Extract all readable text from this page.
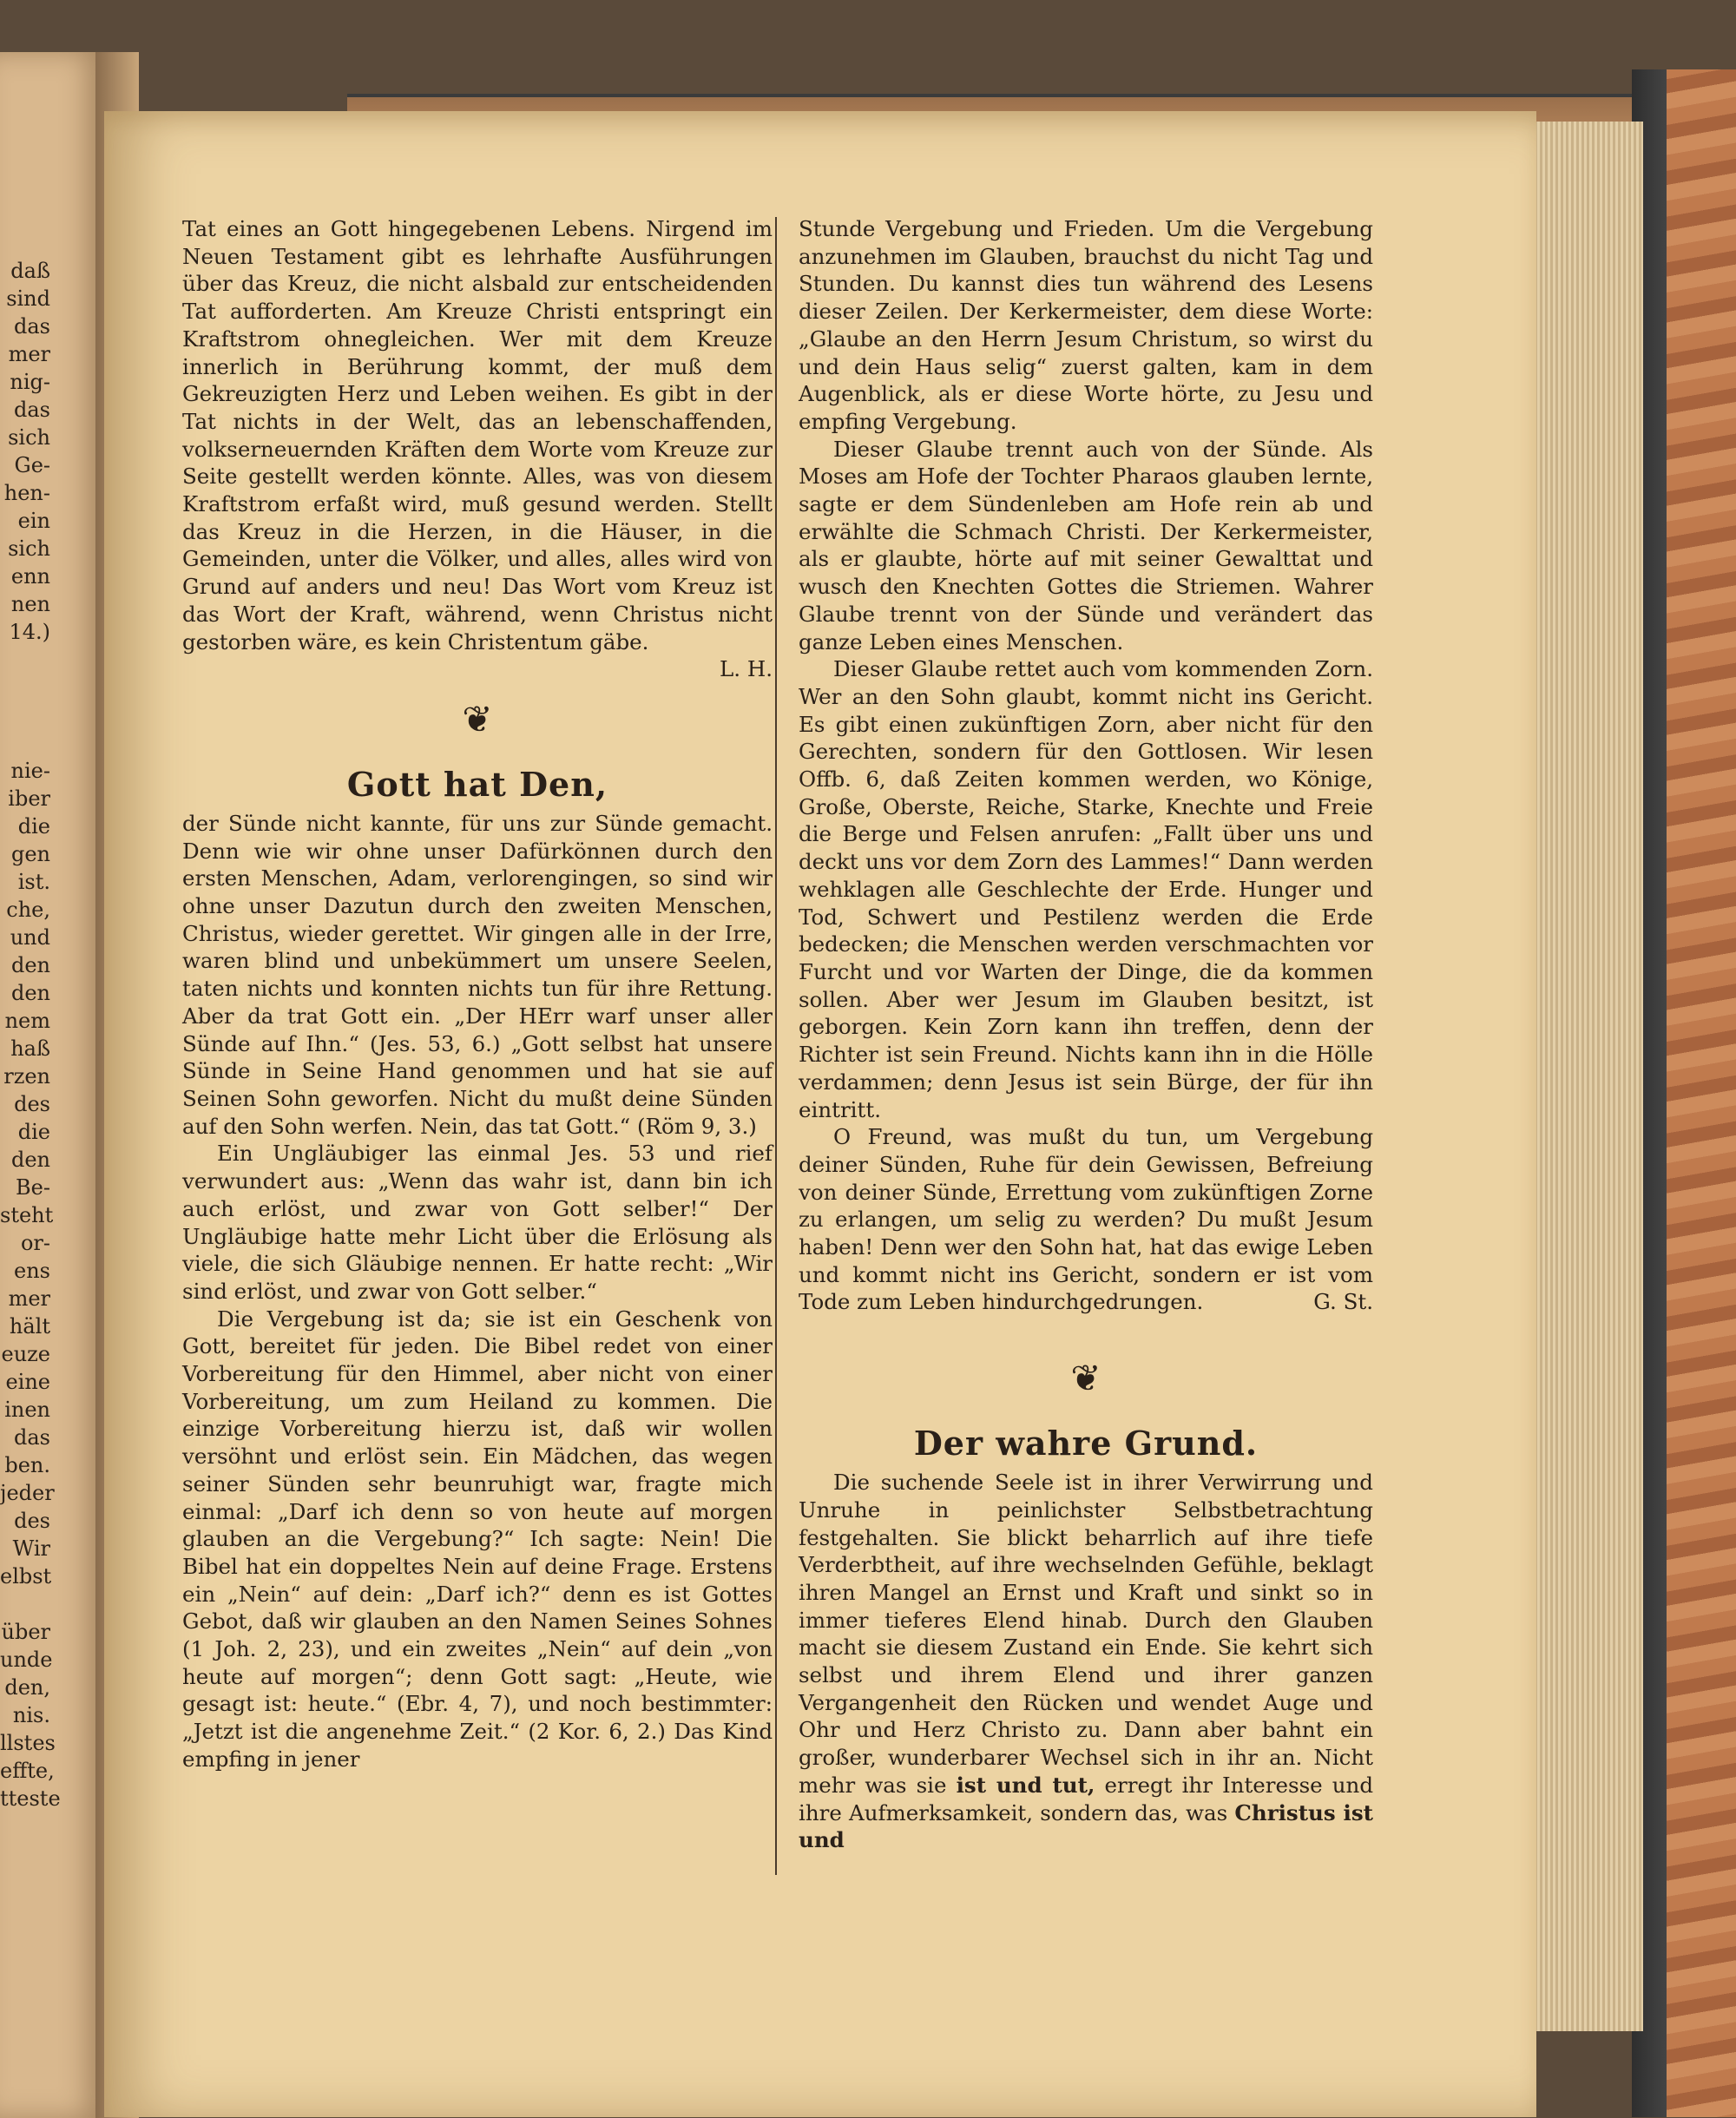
daß
sind
das
mer
nig-
das
sich
Ge-
hen-
ein
sich
enn
nen
14.)
nie-
iber
die
gen
ist.
che,
und
den
den
nem
haß
rzen
des
die
den
Be-
steht
or-
ens
mer
hält
euze
eine
inen
das
ben.
jeder
des
Wir
elbst
über
unde
den,
nis.
llstes
effte,
tteste

Tat eines an Gott hingegebenen Lebens. Nirgend im Neuen Testament gibt es lehrhafte Ausführungen über das Kreuz, die nicht alsbald zur entscheidenden Tat aufforderten. Am Kreuze Christi entspringt ein Kraftstrom ohnegleichen. Wer mit dem Kreuze innerlich in Berührung kommt, der muß dem Gekreuzigten Herz und Leben weihen. Es gibt in der Tat nichts in der Welt, das an lebenschaffenden, volkserneuernden Kräften dem Worte vom Kreuze zur Seite gestellt werden könnte. Alles, was von diesem Kraftstrom erfaßt wird, muß gesund werden. Stellt das Kreuz in die Herzen, in die Häuser, in die Gemeinden, unter die Völker, und alles, alles wird von Grund auf anders und neu! Das Wort vom Kreuz ist das Wort der Kraft, während, wenn Christus nicht gestorben wäre, es kein Christentum gäbe.

L. H.

❦
Gott hat Den,

der Sünde nicht kannte, für uns zur Sünde gemacht. Denn wie wir ohne unser Dafürkönnen durch den ersten Menschen, Adam, verlorengingen, so sind wir ohne unser Dazutun durch den zweiten Menschen, Christus, wieder gerettet. Wir gingen alle in der Irre, waren blind und unbekümmert um unsere Seelen, taten nichts und konnten nichts tun für ihre Rettung. Aber da trat Gott ein. „Der HErr warf unser aller Sünde auf Ihn.“ (Jes. 53, 6.) „Gott selbst hat unsere Sünde in Seine Hand genommen und hat sie auf Seinen Sohn geworfen. Nicht du mußt deine Sünden auf den Sohn werfen. Nein, das tat Gott.“ (Röm 9, 3.)

Ein Ungläubiger las einmal Jes. 53 und rief verwundert aus: „Wenn das wahr ist, dann bin ich auch erlöst, und zwar von Gott selber!“ Der Ungläubige hatte mehr Licht über die Erlösung als viele, die sich Gläubige nennen. Er hatte recht: „Wir sind erlöst, und zwar von Gott selber.“

Die Vergebung ist da; sie ist ein Geschenk von Gott, bereitet für jeden. Die Bibel redet von einer Vorbereitung für den Himmel, aber nicht von einer Vorbereitung, um zum Heiland zu kommen. Die einzige Vorbereitung hierzu ist, daß wir wollen versöhnt und erlöst sein. Ein Mädchen, das wegen seiner Sünden sehr beunruhigt war, fragte mich einmal: „Darf ich denn so von heute auf morgen glauben an die Vergebung?“ Ich sagte: Nein! Die Bibel hat ein doppeltes Nein auf deine Frage. Erstens ein „Nein“ auf dein: „Darf ich?“ denn es ist Gottes Gebot, daß wir glauben an den Namen Seines Sohnes (1 Joh. 2, 23), und ein zweites „Nein“ auf dein „von heute auf morgen“; denn Gott sagt: „Heute, wie gesagt ist: heute.“ (Ebr. 4, 7), und noch bestimmter: „Jetzt ist die angenehme Zeit.“ (2 Kor. 6, 2.) Das Kind empfing in jener

Stunde Vergebung und Frieden. Um die Vergebung anzunehmen im Glauben, brauchst du nicht Tag und Stunden. Du kannst dies tun während des Lesens dieser Zeilen. Der Kerkermeister, dem diese Worte: „Glaube an den Herrn Jesum Christum, so wirst du und dein Haus selig“ zuerst galten, kam in dem Augenblick, als er diese Worte hörte, zu Jesu und empfing Vergebung.

Dieser Glaube trennt auch von der Sünde. Als Moses am Hofe der Tochter Pharaos glauben lernte, sagte er dem Sündenleben am Hofe rein ab und erwählte die Schmach Christi. Der Kerkermeister, als er glaubte, hörte auf mit seiner Gewalttat und wusch den Knechten Gottes die Striemen. Wahrer Glaube trennt von der Sünde und verändert das ganze Leben eines Menschen.

Dieser Glaube rettet auch vom kommenden Zorn. Wer an den Sohn glaubt, kommt nicht ins Gericht. Es gibt einen zukünftigen Zorn, aber nicht für den Gerechten, sondern für den Gottlosen. Wir lesen Offb. 6, daß Zeiten kommen werden, wo Könige, Große, Oberste, Reiche, Starke, Knechte und Freie die Berge und Felsen anrufen: „Fallt über uns und deckt uns vor dem Zorn des Lammes!“ Dann werden wehklagen alle Geschlechte der Erde. Hunger und Tod, Schwert und Pestilenz werden die Erde bedecken; die Menschen werden verschmachten vor Furcht und vor Warten der Dinge, die da kommen sollen. Aber wer Jesum im Glauben besitzt, ist geborgen. Kein Zorn kann ihn treffen, denn der Richter ist sein Freund. Nichts kann ihn in die Hölle verdammen; denn Jesus ist sein Bürge, der für ihn eintritt.

O Freund, was mußt du tun, um Vergebung deiner Sünden, Ruhe für dein Gewissen, Befreiung von deiner Sünde, Errettung vom zukünftigen Zorne zu erlangen, um selig zu werden? Du mußt Jesum haben! Denn wer den Sohn hat, hat das ewige Leben und kommt nicht ins Gericht, sondern er ist vom Tode zum Leben hindurchgedrungen.	G. St.

❦
Der wahre Grund.

Die suchende Seele ist in ihrer Verwirrung und Unruhe in peinlichster Selbstbetrachtung festgehalten. Sie blickt beharrlich auf ihre tiefe Verderbtheit, auf ihre wechselnden Gefühle, beklagt ihren Mangel an Ernst und Kraft und sinkt so in immer tieferes Elend hinab. Durch den Glauben macht sie diesem Zustand ein Ende. Sie kehrt sich selbst und ihrem Elend und ihrer ganzen Vergangenheit den Rücken und wendet Auge und Ohr und Herz Christo zu. Dann aber bahnt ein großer, wunderbarer Wechsel sich in ihr an. Nicht mehr was sie ist und tut, erregt ihr Interesse und ihre Aufmerksamkeit, sondern das, was Christus ist und
